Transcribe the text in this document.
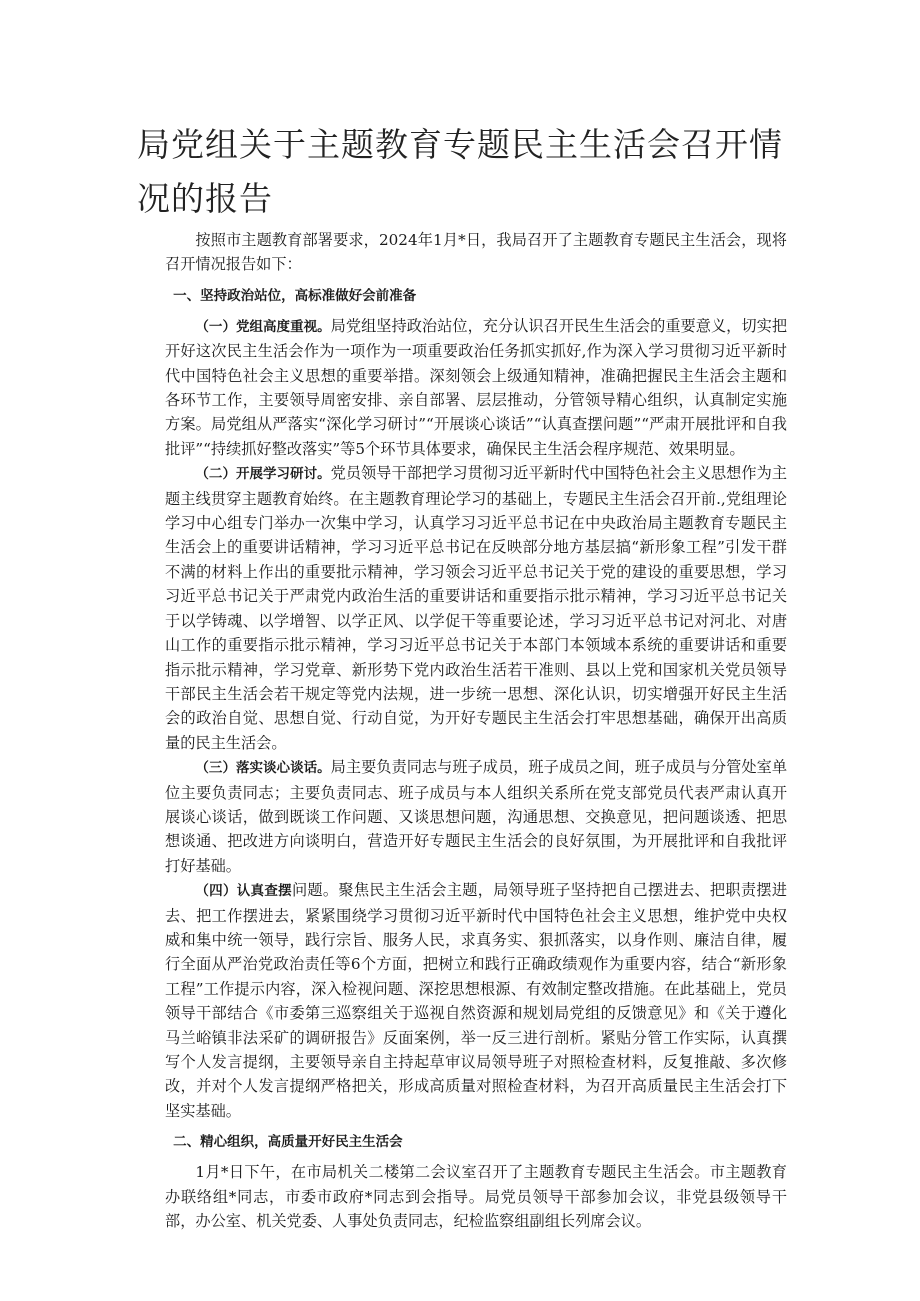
局党组关于主题教育专题民主生活会召开情况的报告

按照市主题教育部署要求，2024年1月*日，我局召开了主题教育专题民主生活会，现将召开情况报告如下：

一、坚持政治站位，高标准做好会前准备

（一）党组高度重视。局党组坚持政治站位，充分认识召开民生生活会的重要意义，切实把开好这次民主生活会作为一项作为一项重要政治任务抓实抓好,作为深入学习贯彻习近平新时代中国特色社会主义思想的重要举措。深刻领会上级通知精神，准确把握民主生活会主题和各环节工作，主要领导周密安排、亲自部署、层层推动，分管领导精心组织，认真制定实施方案。局党组从严落实“深化学习研讨”“开展谈心谈话”“认真查摆问题”“严肃开展批评和自我批评”“持续抓好整改落实”等5个环节具体要求，确保民主生活会程序规范、效果明显。

（二）开展学习研讨。党员领导干部把学习贯彻习近平新时代中国特色社会主义思想作为主题主线贯穿主题教育始终。在主题教育理论学习的基础上，专题民主生活会召开前.,党组理论学习中心组专门举办一次集中学习，认真学习习近平总书记在中央政治局主题教育专题民主生活会上的重要讲话精神，学习习近平总书记在反映部分地方基层搞“新形象工程”引发干群不满的材料上作出的重要批示精神，学习领会习近平总书记关于党的建设的重要思想，学习习近平总书记关于严肃党内政治生活的重要讲话和重要指示批示精神，学习习近平总书记关于以学铸魂、以学增智、以学正风、以学促干等重要论述，学习习近平总书记对河北、对唐山工作的重要指示批示精神，学习习近平总书记关于本部门本领域本系统的重要讲话和重要指示批示精神，学习党章、新形势下党内政治生活若干准则、县以上党和国家机关党员领导干部民主生活会若干规定等党内法规，进一步统一思想、深化认识，切实增强开好民主生活会的政治自觉、思想自觉、行动自觉，为开好专题民主生活会打牢思想基础，确保开出高质量的民主生活会。

（三）落实谈心谈话。局主要负责同志与班子成员，班子成员之间，班子成员与分管处室单位主要负责同志；主要负责同志、班子成员与本人组织关系所在党支部党员代表严肃认真开展谈心谈话，做到既谈工作问题、又谈思想问题，沟通思想、交换意见，把问题谈透、把思想谈通、把改进方向谈明白，营造开好专题民主生活会的良好氛围，为开展批评和自我批评打好基础。

（四）认真查摆问题。聚焦民主生活会主题，局领导班子坚持把自己摆进去、把职责摆进去、把工作摆进去，紧紧围绕学习贯彻习近平新时代中国特色社会主义思想，维护党中央权威和集中统一领导，践行宗旨、服务人民，求真务实、狠抓落实，以身作则、廉洁自律，履行全面从严治党政治责任等6个方面，把树立和践行正确政绩观作为重要内容，结合“新形象工程”工作提示内容，深入检视问题、深挖思想根源、有效制定整改措施。在此基础上，党员领导干部结合《市委第三巡察组关于巡视自然资源和规划局党组的反馈意见》和《关于遵化马兰峪镇非法采矿的调研报告》反面案例，举一反三进行剖析。紧贴分管工作实际，认真撰写个人发言提纲，主要领导亲自主持起草审议局领导班子对照检查材料，反复推敲、多次修改，并对个人发言提纲严格把关，形成高质量对照检查材料，为召开高质量民主生活会打下坚实基础。

二、精心组织，高质量开好民主生活会

1月*日下午，在市局机关二楼第二会议室召开了主题教育专题民主生活会。市主题教育办联络组*同志，市委市政府*同志到会指导。局党员领导干部参加会议，非党县级领导干部，办公室、机关党委、人事处负责同志，纪检监察组副组长列席会议。
